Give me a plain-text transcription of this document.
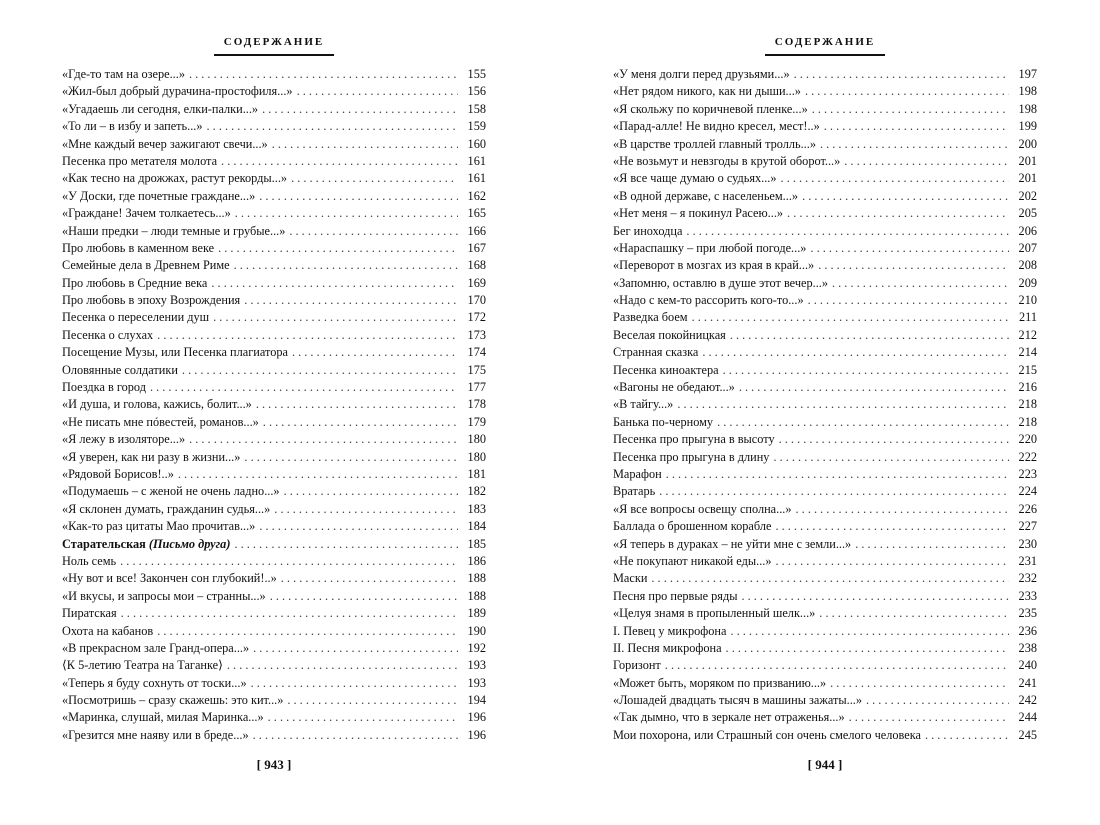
СОДЕРЖАНИЕ
«Где-то там на озере...» . . .	155
«Жил-был добрый дурачина-простофиля...» . . .	156
«Угадаешь ли сегодня, елки-палки...» . . .	158
«То ли – в избу и запеть...» . . .	159
«Мне каждый вечер зажигают свечи...» . . .	160
Песенка про метателя молота . . .	161
«Как тесно на дрожжах, растут рекорды...» . . .	161
«У Доски, где почетные граждане...» . . .	162
«Граждане! Зачем толкаетесь...» . . .	165
«Наши предки – люди темные и грубые...» . . .	166
Про любовь в каменном веке . . .	167
Семейные дела в Древнем Риме . . .	168
Про любовь в Средние века . . .	169
Про любовь в эпоху Возрождения . . .	170
Песенка о переселении душ . . .	172
Песенка о слухах . . .	173
Посещение Музы, или Песенка плагиатора . . .	174
Оловянные солдатики . . .	175
Поездка в город . . .	177
«И душа, и голова, кажись, болит...» . . .	178
«Не писать мне пóвестей, романов...» . . .	179
«Я лежу в изоляторе...» . . .	180
«Я уверен, как ни разу в жизни...» . . .	180
«Рядовой Борисов!..» . . .	181
«Подумаешь – с женой не очень ладно...» . . .	182
«Я склонен думать, гражданин судья...» . . .	183
«Как-то раз цитаты Мао прочитав...» . . .	184
Старательская (Письмо друга) . . .	185
Ноль семь . . .	186
«Ну вот и все! Закончен сон глубокий!..» . . .	188
«И вкусы, и запросы мои – странны...» . . .	188
Пиратская . . .	189
Охота на кабанов . . .	190
«В прекрасном зале Гранд-опера...» . . .	192
⟨К 5-летию Театра на Таганке⟩ . . .	193
«Теперь я буду сохнуть от тоски...» . . .	193
«Посмотришь – сразу скажешь: это кит...» . . .	194
«Маринка, слушай, милая Маринка...» . . .	196
«Грезится мне наяву или в бреде...» . . .	196
[ 943 ]
СОДЕРЖАНИЕ
«У меня долги перед друзьями...» . . .	197
«Нет рядом никого, как ни дыши...» . . .	198
«Я скольжу по коричневой пленке...» . . .	198
«Парад-алле! Не видно кресел, мест!..» . . .	199
«В царстве троллей главный тролль...» . . .	200
«Не возьмут и невзгоды в крутой оборот...» . . .	201
«Я все чаще думаю о судьях...» . . .	201
«В одной державе, с населеньем...» . . .	202
«Нет меня – я покинул Расею...» . . .	205
Бег иноходца . . .	206
«Нараспашку – при любой погоде...» . . .	207
«Переворот в мозгах из края в край...» . . .	208
«Запомню, оставлю в душе этот вечер...» . . .	209
«Надо с кем-то рассорить кого-то...» . . .	210
Разведка боем . . .	211
Веселая покойницкая . . .	212
Странная сказка . . .	214
Песенка киноактера . . .	215
«Вагоны не обедают...» . . .	216
«В тайгу...» . . .	218
Банька по-черному . . .	218
Песенка про прыгуна в высоту . . .	220
Песенка про прыгуна в длину . . .	222
Марафон . . .	223
Вратарь . . .	224
«Я все вопросы освещу сполна...» . . .	226
Баллада о брошенном корабле . . .	227
«Я теперь в дураках – не уйти мне с земли...» . . .	230
«Не покупают никакой еды...» . . .	231
Маски . . .	232
Песня про первые ряды . . .	233
«Целуя знамя в пропыленный шелк...» . . .	235
I. Певец у микрофона . . .	236
II. Песня микрофона . . .	238
Горизонт . . .	240
«Может быть, моряком по призванию...» . . .	241
«Лошадей двадцать тысяч в машины зажаты...» . . .	242
«Так дымно, что в зеркале нет отраженья...» . . .	244
Мои похорона, или Страшный сон очень смелого человека . . .	245
[ 944 ]
